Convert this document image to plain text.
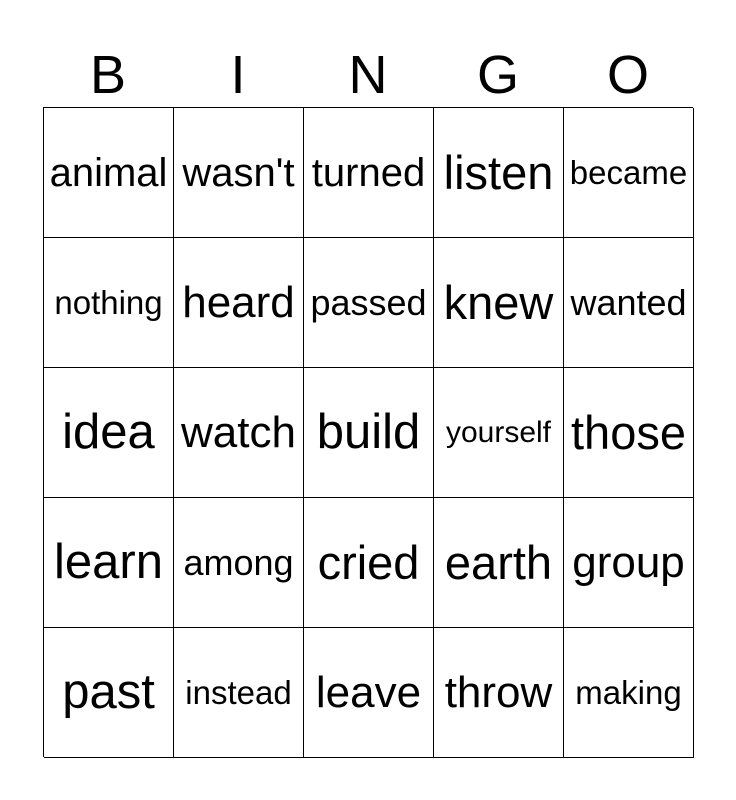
B	I	N	G	O
animal wasn't turned listen became
nothing heard passed knew wanted
idea watch build yourself those
learn among cried earth group
past instead leave throw making
